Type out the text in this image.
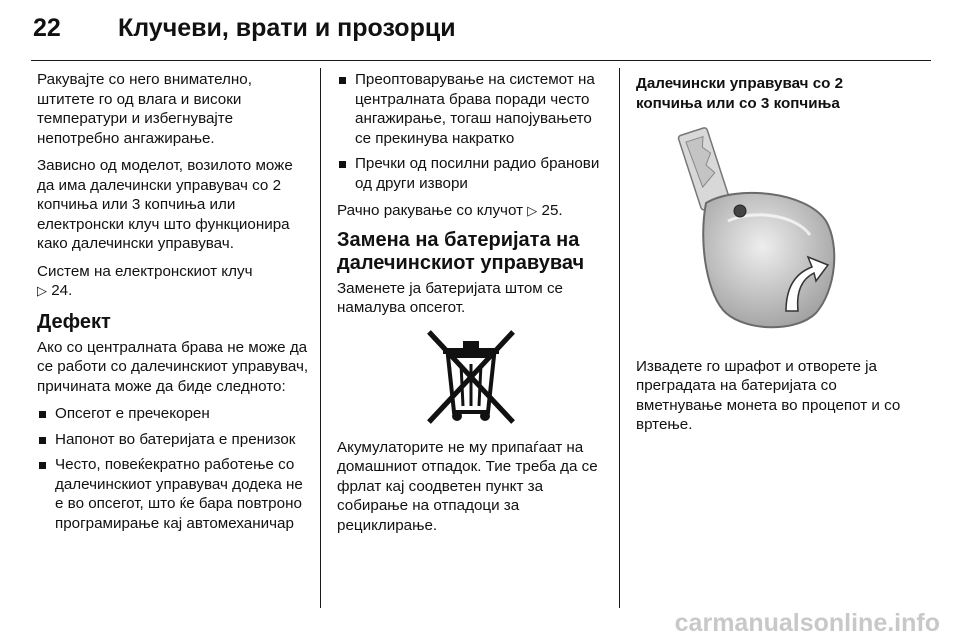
22 Клучеви, врати и прозорци

Ракувајте со него внимателно, штитете го од влага и високи температури и избегнувајте непотребно ангажирање.

Зависно од моделот, возилото може да има далечински управувач со 2 копчиња или 3 копчиња или електронски клуч што функционира како далечински управувач.

Систем на електронскиот клуч
▷ 24.

Дефект

Ако со централната брава не може да се работи со далечинскиот управувач, причината може да биде следното:

Опсегот е пречекорен
Напонот во батеријата е пренизок
Често, повеќекратно работење со далечинскиот управувач додека не е во опсегот, што ќе бара повтроно програмирање кај автомеханичар
Преоптоварување на системот на централната брава поради често ангажирање, тогаш напојувањето се прекинува накратко
Пречки од посилни радио бранови од други извори

Рачно ракување со клучот ▷ 25.

Замена на батеријата на далечинскиот управувач

Заменете ја батеријата штом се намалува опсегот.

Акумулаторите не му припаѓаат на домашниот отпадок. Тие треба да се фрлат кај соодветен пункт за собирање на отпадоци за рециклирање.

Далечински управувач со 2 копчиња или со 3 копчиња

Извадете го шрафот и отворете ја преградата на батеријата со вметнување монета во процепот и со вртење.

carmanualsonline.info
